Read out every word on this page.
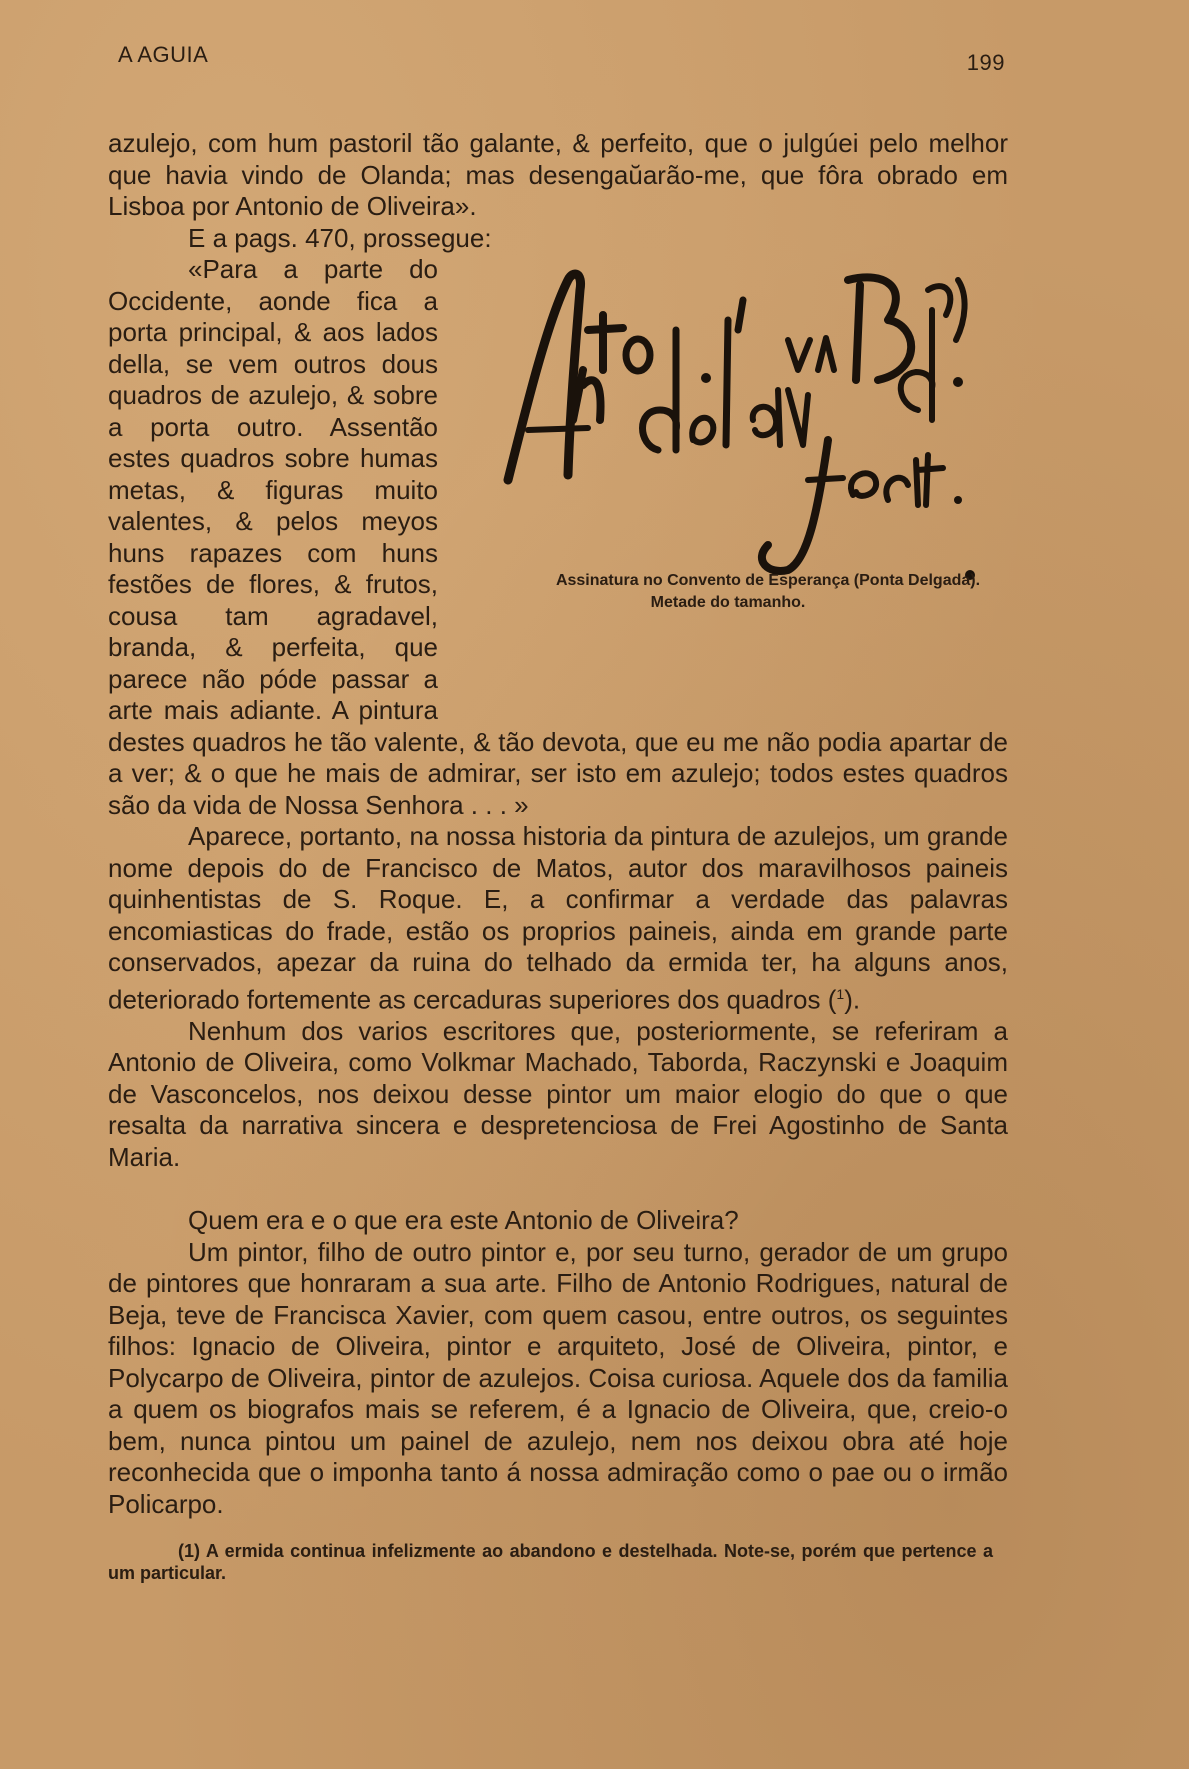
A AGUIA	199

azulejo, com hum pastoril tão galante, & perfeito, que o julgúei pelo melhor que havia vindo de Olanda; mas desengaŭarão-me, que fôra obrado em Lisboa por Antonio de Oliveira».

E a pags. 470, prossegue:

Assinatura no Convento de Esperança (Ponta Delgada).
Metade do tamanho.
«Para a parte do Occidente, aonde fica a porta principal, & aos lados della, se vem outros dous quadros de azulejo, & sobre a porta outro. Assentão estes quadros sobre humas metas, & figuras muito valentes, & pelos meyos huns rapazes com huns festões de flores, & frutos, cousa tam agradavel, branda, & perfeita, que parece não póde passar a arte mais adiante. A pintura destes quadros he tão valente, & tão devota, que eu me não podia apartar de a ver; & o que he mais de admirar, ser isto em azulejo; todos estes quadros são da vida de Nossa Senhora . . . »

Aparece, portanto, na nossa historia da pintura de azulejos, um grande nome depois do de Francisco de Matos, autor dos maravilhosos paineis quinhentistas de S. Roque. E, a confirmar a verdade das palavras encomiasticas do frade, estão os proprios paineis, ainda em grande parte conservados, apezar da ruina do telhado da ermida ter, ha alguns anos, deteriorado fortemente as cercaduras superiores dos quadros ($^1$).

Nenhum dos varios escritores que, posteriormente, se referiram a Antonio de Oliveira, como Volkmar Machado, Taborda, Raczynski e Joaquim de Vasconcelos, nos deixou desse pintor um maior elogio do que o que resalta da narrativa sincera e despretenciosa de Frei Agostinho de Santa Maria.

Quem era e o que era este Antonio de Oliveira?

Um pintor, filho de outro pintor e, por seu turno, gerador de um grupo de pintores que honraram a sua arte. Filho de Antonio Rodrigues, natural de Beja, teve de Francisca Xavier, com quem casou, entre outros, os seguintes filhos: Ignacio de Oliveira, pintor e arquiteto, José de Oliveira, pintor, e Polycarpo de Oliveira, pintor de azulejos. Coisa curiosa. Aquele dos da familia a quem os biografos mais se referem, é a Ignacio de Oliveira, que, creio-o bem, nunca pintou um painel de azulejo, nem nos deixou obra até hoje reconhecida que o imponha tanto á nossa admiração como o pae ou o irmão Policarpo.

(1) A ermida continua infelizmente ao abandono e destelhada. Note-se, porém que pertence a um particular.
